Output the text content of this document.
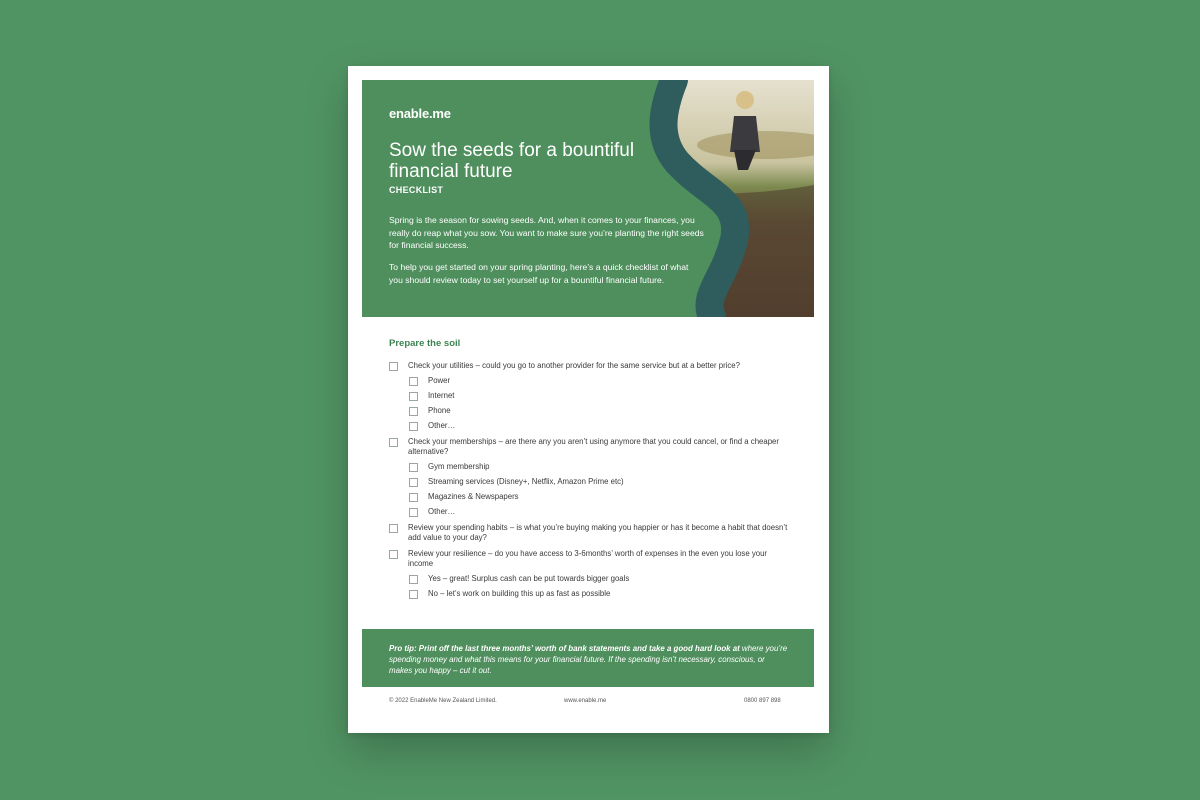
enable.me
Sow the seeds for a bountiful financial future
CHECKLIST

Spring is the season for sowing seeds. And, when it comes to your finances, you really do reap what you sow. You want to make sure you’re planting the right seeds for financial success.

To help you get started on your spring planting, here’s a quick checklist of what you should review today to set yourself up for a bountiful financial future.

Prepare the soil
Check your utilities – could you go to another provider for the same service but at a better price?
Power
Internet
Phone
Other…
Check your memberships – are there any you aren’t using anymore that you could cancel, or find a cheaper alternative?
Gym membership
Streaming services (Disney+, Netflix, Amazon Prime etc)
Magazines & Newspapers
Other…
Review your spending habits – is what you’re buying making you happier or has it become a habit that doesn’t add value to your day?
Review your resilience – do you have access to 3-6months’ worth of expenses in the even you lose your income
Yes – great! Surplus cash can be put towards bigger goals
No – let’s work on building this up as fast as possible
Pro tip: Print off the last three months’ worth of bank statements and take a good hard look at where you’re spending money and what this means for your financial future. If the spending isn’t necessary, conscious, or makes you happy – cut it out.
© 2022 EnableMe New Zealand Limited.	www.enable.me	0800 897 898
